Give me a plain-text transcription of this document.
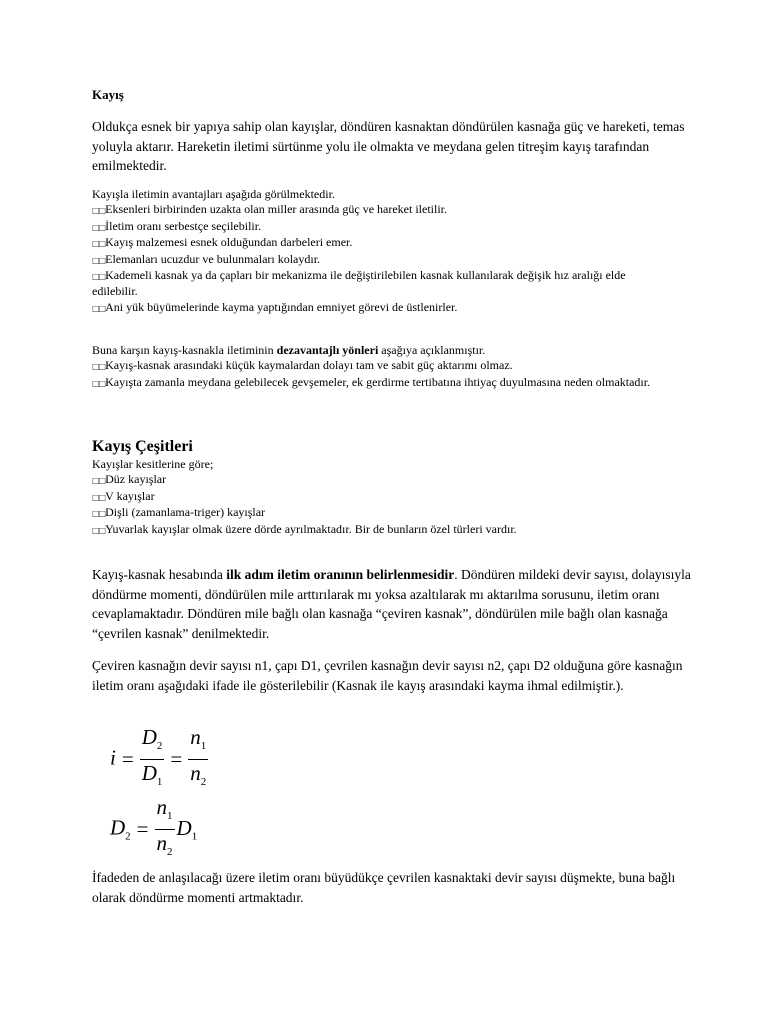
Kayış

Oldukça esnek bir yapıya sahip olan kayışlar, döndüren kasnaktan döndürülen kasnağa güç ve hareketi, temas yoluyla aktarır. Hareketin iletimi sürtünme yolu ile olmakta ve meydana gelen titreşim kayış tarafından emilmektedir.

Kayışla iletimin avantajları aşağıda görülmektedir.
□□Eksenleri birbirinden uzakta olan miller arasında güç ve hareket iletilir.
□□İletim oranı serbestçe seçilebilir.
□□Kayış malzemesi esnek olduğundan darbeleri emer.
□□Elemanları ucuzdur ve bulunmaları kolaydır.
□□Kademeli kasnak ya da çapları bir mekanizma ile değiştirilebilen kasnak kullanılarak değişik hız aralığı elde edilebilir.
□□Ani yük büyümelerinde kayma yaptığından emniyet görevi de üstlenirler.
Buna karşın kayış-kasnakla iletiminin dezavantajlı yönleri aşağıya açıklanmıştır.
□□Kayış-kasnak arasındaki küçük kaymalardan dolayı tam ve sabit güç aktarımı olmaz.
□□Kayışta zamanla meydana gelebilecek gevşemeler, ek gerdirme tertibatına ihtiyaç duyulmasına neden olmaktadır.
Kayış Çeşitleri
Kayışlar kesitlerine göre;
□□Düz kayışlar
□□V kayışlar
□□Dişli (zamanlama-triger) kayışlar
□□Yuvarlak kayışlar olmak üzere dörde ayrılmaktadır. Bir de bunların özel türleri vardır.

Kayış-kasnak hesabında ilk adım iletim oranının belirlenmesidir. Döndüren mildeki devir sayısı, dolayısıyla döndürme momenti, döndürülen mile arttırılarak mı yoksa azaltılarak mı aktarılma sorusunu, iletim oranı cevaplamaktadır. Döndüren mile bağlı olan kasnağa “çeviren kasnak”, döndürülen mile bağlı olan kasnağa “çevrilen kasnak” denilmektedir.

Çeviren kasnağın devir sayısı n1, çapı D1, çevrilen kasnağın devir sayısı n2, çapı D2 olduğuna göre kasnağın iletim oranı aşağıdaki ifade ile gösterilebilir (Kasnak ile kayış arasındaki kayma ihmal edilmiştir.).

$i = \frac{D_2}{D_1} = \frac{n_1}{n_2}$
$D_2 = \frac{n_1}{n_2} D_1$

İfadeden de anlaşılacağı üzere iletim oranı büyüdükçe çevrilen kasnaktaki devir sayısı düşmekte, buna bağlı olarak döndürme momenti artmaktadır.
